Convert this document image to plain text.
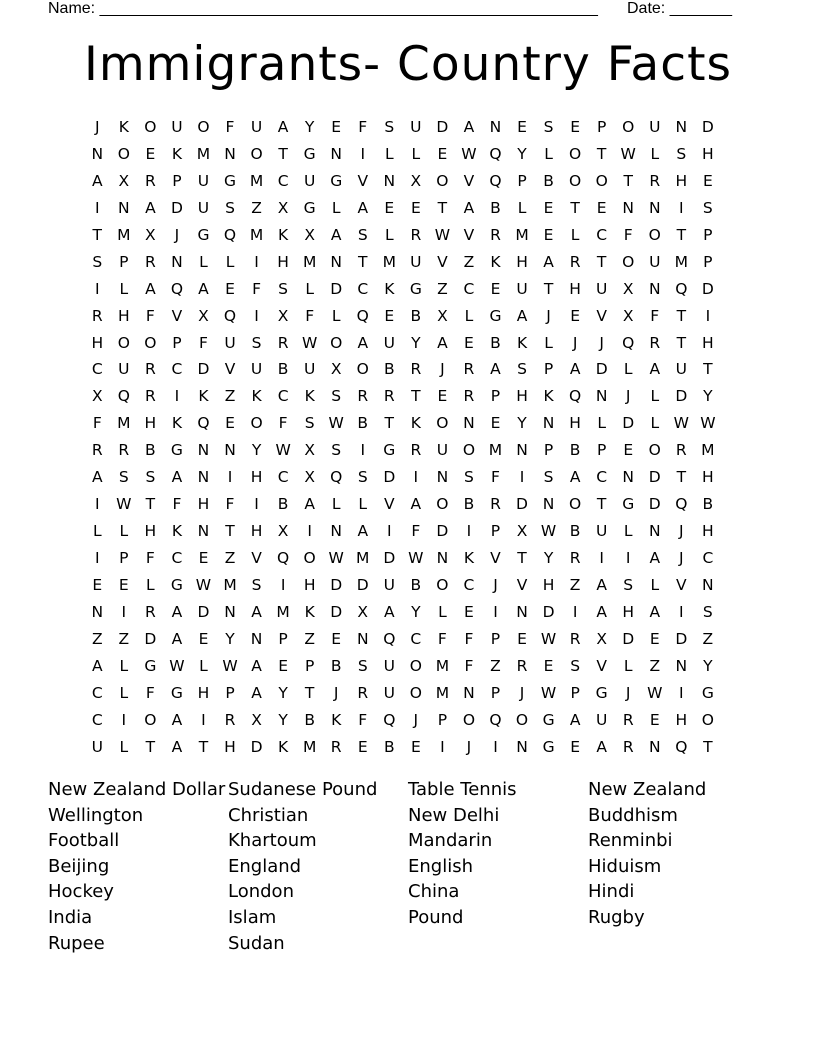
Name: ________________________________________________________ Date: _______
Immigrants- Country Facts
J	K O U O	F	U	A	Y	E	F	S	U D A N	E	S	E	P	O U N D
N O	E	K M N O	T	G N	I	L	L	E W Q	Y	L	O	T W L	S	H
A	X	R	P	U G M C U G V N X O V Q	P	B O O	T	R H	E
I	N A D U	S	Z	X G	L	A	E	E	T	A	B	L	E	T	E	N N	I	S
T M X	J	G Q M K	X	A	S	L	R W V	R M E	L	C	F	O	T	P
S	P	R N	L	L	I	H M N	T M U	V	Z	K	H A	R	T	O U M P
I	L	A Q A	E	F	S	L	D C	K G Z	C	E	U	T	H U	X N Q D
R H	F	V	X Q	I	X	F	L	Q	E	B	X	L	G A	J	E	V	X	F	T	I
H O O	P	F	U	S	R W O A	U	Y	A	E	B	K	L	J	J	Q R	T	H
C U R	C D V	U	B	U	X O B	R	J	R	A	S	P	A D	L	A	U	T
X Q R	I	K	Z	K	C	K	S	R	R	T	E	R	P	H	K Q N	J	L	D	Y
F M H	K Q	E	O	F	S W B	T	K O N	E	Y	N H	L	D	L W W
R	R	B G N N	Y W X	S	I	G R U O M N	P	B	P	E	O R M
A	S	S	A N	I	H C	X Q	S	D	I	N	S	F	I	S	A	C N D	T	H
I	W T	F	H	F	I	B	A	L	L	V	A O B	R D N O	T	G D Q B
L	L	H	K	N	T	H X	I	N A	I	F	D	I	P	X W B	U	L	N	J	H
I	P	F	C	E	Z	V Q O W M D W N	K	V	T	Y	R	I	I	A	J	C
E	E	L	G W M S	I	H D D U	B O C	J	V H Z	A	S	L	V N
N	I	R	A D N A M K D X	A	Y	L	E	I	N D	I	A H A	I	S
Z	Z D A	E	Y	N	P	Z	E	N Q C	F	F	P	E W R	X D	E	D Z
A	L	G W L W A	E	P	B	S	U O M F	Z	R	E	S	V	L	Z N	Y
C	L	F	G H	P	A	Y	T	J	R U O M N	P	J	W P	G	J	W	I	G
C	I	O A	I	R	X	Y	B	K	F	Q	J	P	O Q O G A	U R	E	H O
U	L	T	A	T	H D	K M R	E	B	E	I	J	I	N G	E	A	R N Q	T
New Zealand Dollar
Wellington
Football
Beijing
Hockey
India
Rupee
Sudanese Pound
Christian
Khartoum
England
London
Islam
Sudan
Table Tennis
New Delhi
Mandarin
English
China
Pound
New Zealand
Buddhism
Renminbi
Hiduism
Hindi
Rugby
